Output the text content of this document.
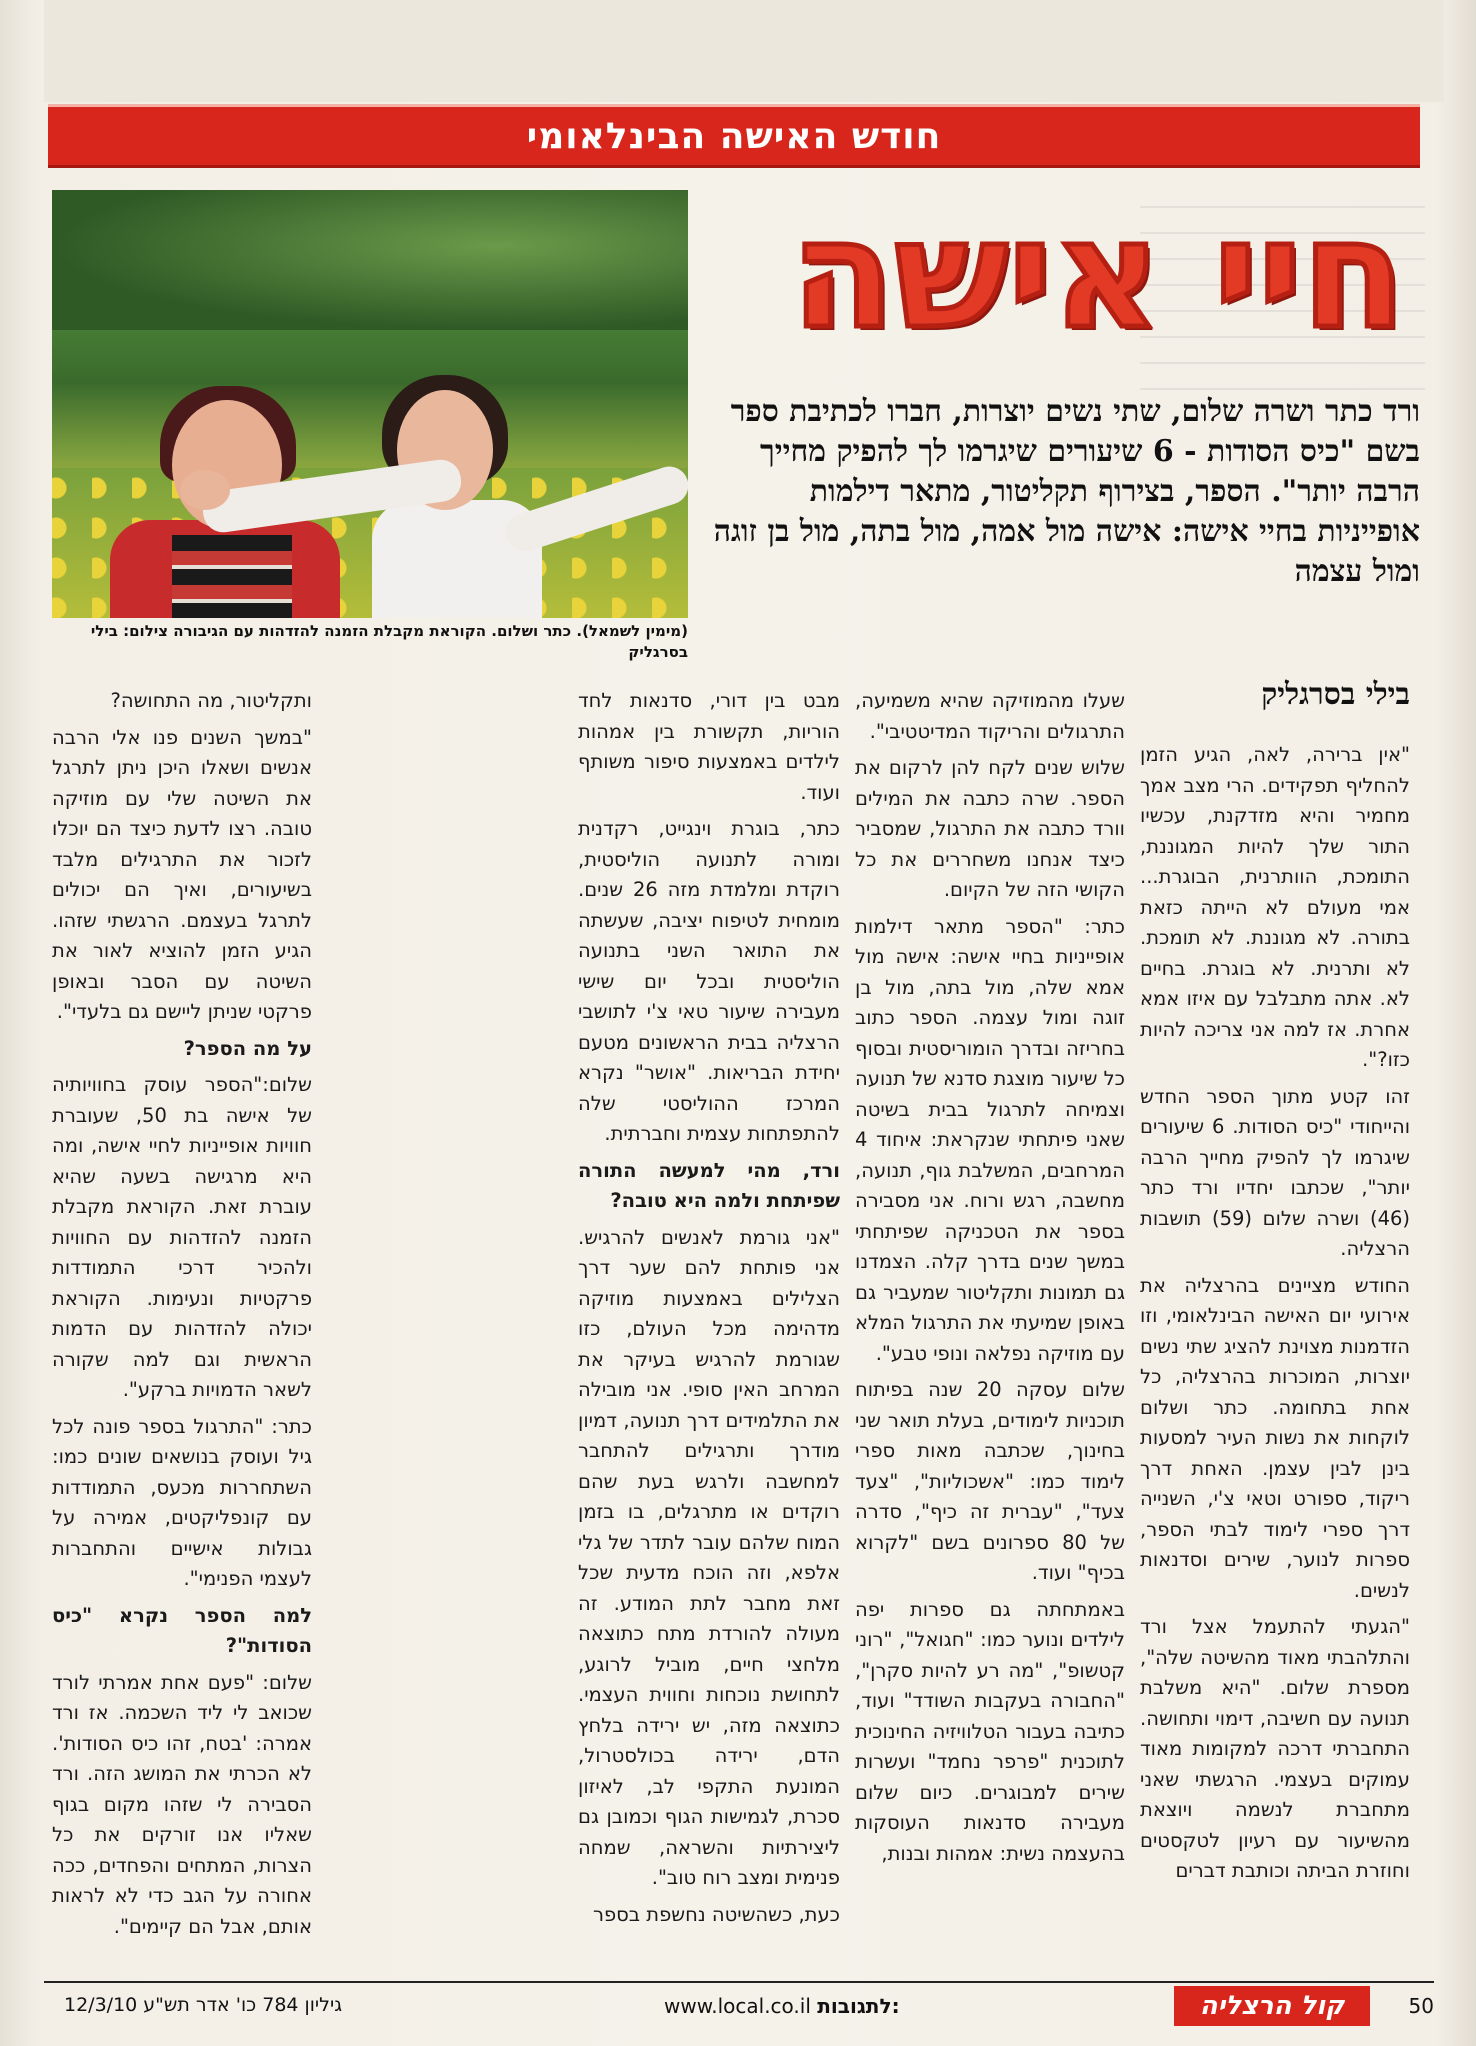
חודש האישה הבינלאומי
(מימין לשמאל). כתר ושלום. הקוראת מקבלת הזמנה להזדהות עם הגיבורה צילום: בילי בסרגליק
חיי אישה
ורד כתר ושרה שלום, שתי נשים יוצרות, חברו לכתיבת ספר בשם "כיס הסודות - 6 שיעורים שיגרמו לך להפיק מחייך הרבה יותר". הספר, בצירוף תקליטור, מתאר דילמות אופייניות בחיי אישה: אישה מול אמה, מול בתה, מול בן זוגה ומול עצמה
בילי בסרגליק

"אין ברירה, לאה, הגיע הזמן להחליף תפקידים. הרי מצב אמך מחמיר והיא מזדקנת, עכשיו התור שלך להיות המגוננת, התומכת, הוותרנית, הבוגרת... אמי מעולם לא הייתה כזאת בתורה. לא מגוננת. לא תומכת. לא ותרנית. לא בוגרת. בחיים לא. אתה מתבלבל עם איזו אמא אחרת. אז למה אני צריכה להיות כזו?".

זהו קטע מתוך הספר החדש והייחודי "כיס הסודות. 6 שיעורים שיגרמו לך להפיק מחייך הרבה יותר", שכתבו יחדיו ורד כתר (46) ושרה שלום (59) תושבות הרצליה.

החודש מציינים בהרצליה את אירועי יום האישה הבינלאומי, וזו הזדמנות מצוינת להציג שתי נשים יוצרות, המוכרות בהרצליה, כל אחת בתחומה. כתר ושלום לוקחות את נשות העיר למסעות בינן לבין עצמן. האחת דרך ריקוד, ספורט וטאי צ'י, השנייה דרך ספרי לימוד לבתי הספר, ספרות לנוער, שירים וסדנאות לנשים.

"הגעתי להתעמל אצל ורד והתלהבתי מאוד מהשיטה שלה", מספרת שלום. "היא משלבת תנועה עם חשיבה, דימוי ותחושה. התחברתי דרכה למקומות מאוד עמוקים בעצמי. הרגשתי שאני מתחברת לנשמה ויוצאת מהשיעור עם רעיון לטקסטים וחוזרת הביתה וכותבת דברים

שעלו מהמוזיקה שהיא משמיעה, התרגולים והריקוד המדיטטיבי".

שלוש שנים לקח להן לרקום את הספר. שרה כתבה את המילים וורד כתבה את התרגול, שמסביר כיצד אנחנו משחררים את כל הקושי הזה של הקיום.

כתר: "הספר מתאר דילמות אופייניות בחיי אישה: אישה מול אמא שלה, מול בתה, מול בן זוגה ומול עצמה. הספר כתוב בחריזה ובדרך הומוריסטית ובסוף כל שיעור מוצגת סדנא של תנועה וצמיחה לתרגול בבית בשיטה שאני פיתחתי שנקראת: איחוד 4 המרחבים, המשלבת גוף, תנועה, מחשבה, רגש ורוח. אני מסבירה בספר את הטכניקה שפיתחתי במשך שנים בדרך קלה. הצמדנו גם תמונות ותקליטור שמעביר גם באופן שמיעתי את התרגול המלא עם מוזיקה נפלאה ונופי טבע".

שלום עסקה 20 שנה בפיתוח תוכניות לימודים, בעלת תואר שני בחינוך, שכתבה מאות ספרי לימוד כמו: "אשכוליות", "צעד צעד", "עברית זה כיף", סדרה של 80 ספרונים בשם "לקרוא בכיף" ועוד.

באמתחתה גם ספרות יפה לילדים ונוער כמו: "חגואל", "רוני קטשופ", "מה רע להיות סקרן", "החבורה בעקבות השודד" ועוד, כתיבה בעבור הטלוויזיה החינוכית לתוכנית "פרפר נחמד" ועשרות שירים למבוגרים. כיום שלום מעבירה סדנאות העוסקות בהעצמה נשית: אמהות ובנות,

מבט בין דורי, סדנאות לחד הוריות, תקשורת בין אמהות לילדים באמצעות סיפור משותף ועוד.

כתר, בוגרת וינגייט, רקדנית ומורה לתנועה הוליסטית, רוקדת ומלמדת מזה 26 שנים. מומחית לטיפוח יציבה, שעשתה את התואר השני בתנועה הוליסטית ובכל יום שישי מעבירה שיעור טאי צ'י לתושבי הרצליה בבית הראשונים מטעם יחידת הבריאות. "אושר" נקרא המרכז ההוליסטי שלה להתפתחות עצמית וחברתית.

ורד, מהי למעשה התורה שפיתחת ולמה היא טובה?

"אני גורמת לאנשים להרגיש. אני פותחת להם שער דרך הצלילים באמצעות מוזיקה מדהימה מכל העולם, כזו שגורמת להרגיש בעיקר את המרחב האין סופי. אני מובילה את התלמידים דרך תנועה, דמיון מודרך ותרגילים להתחבר למחשבה ולרגש בעת שהם רוקדים או מתרגלים, בו בזמן המוח שלהם עובר לתדר של גלי אלפא, וזה הוכח מדעית שכל זאת מחבר לתת המודע. זה מעולה להורדת מתח כתוצאה מלחצי חיים, מוביל לרוגע, לתחושת נוכחות וחווית העצמי. כתוצאה מזה, יש ירידה בלחץ הדם, ירידה בכולסטרול, המונעת התקפי לב, לאיזון סכרת, לגמישות הגוף וכמובן גם ליצירתיות והשראה, שמחה פנימית ומצב רוח טוב".

כעת, כשהשיטה נחשפת בספר

ותקליטור, מה התחושה?

"במשך השנים פנו אלי הרבה אנשים ושאלו היכן ניתן לתרגל את השיטה שלי עם מוזיקה טובה. רצו לדעת כיצד הם יוכלו לזכור את התרגילים מלבד בשיעורים, ואיך הם יכולים לתרגל בעצמם. הרגשתי שזהו. הגיע הזמן להוציא לאור את השיטה עם הסבר ובאופן פרקטי שניתן ליישם גם בלעדי".

על מה הספר?

שלום:"הספר עוסק בחוויותיה של אישה בת 50, שעוברת חוויות אופייניות לחיי אישה, ומה היא מרגישה בשעה שהיא עוברת זאת. הקוראת מקבלת הזמנה להזדהות עם החוויות ולהכיר דרכי התמודדות פרקטיות ונעימות. הקוראת יכולה להזדהות עם הדמות הראשית וגם למה שקורה לשאר הדמויות ברקע".

כתר: "התרגול בספר פונה לכל גיל ועוסק בנושאים שונים כמו: השתחררות מכעס, התמודדות עם קונפליקטים, אמירה על גבולות אישיים והתחברות לעצמי הפנימי".

למה הספר נקרא "כיס הסודות"?

שלום: "פעם אחת אמרתי לורד שכואב לי ליד השכמה. אז ורד אמרה: 'בטח, זהו כיס הסודות'. לא הכרתי את המושג הזה. ורד הסבירה לי שזהו מקום בגוף שאליו אנו זורקים את כל הצרות, המתחים והפחדים, ככה אחורה על הגב כדי לא לראות אותם, אבל הם קיימים".

50
קול הרצליה
www.local.co.il לתגובות:
גיליון 784 כו' אדר תש"ע 12/3/10
